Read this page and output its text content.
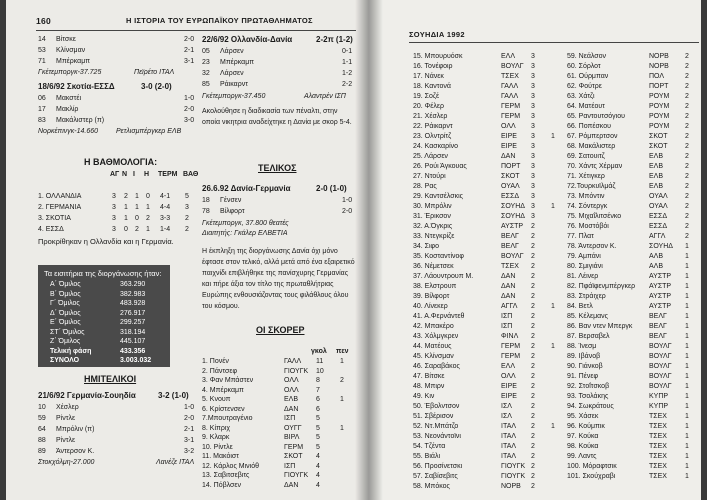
160	Η ΙΣΤΟΡΙΑ ΤΟΥ ΕΥΡΩΠΑΪΚΟΥ ΠΡΩΤΑΘΛΗΜΑΤΟΣ
14 Βίτσκε	2-0
53 Κλίνσμαν	2-1
71 Μπέρκαμπ	3-1
Γκέτεμποργκ-37.725	Πεϊρέτο ΙΤΑΛ
18/6/92 Σκοτία-ΕΣΣΔ	3-0 (2-0)
06 Μακστέι	1-0
17 Μακλίρ	2-0
83 Μακάλιστερ (π)	3-0
Νορκέπινγκ-14.660	Ρετλισμπέργκερ ΕΛΒ
22/6/92 Ολλανδία-Δανία	2-2π (1-2)
05 Λάρσεν	0-1
23 Μπέρκαμπ	1-1
32 Λάρσεν	1-2
85 Ράικαρντ	2-2
Γκέτεμποργκ-37.450	Αλαντρέν ΙΣΠ
Ακολούθησε η διαδικασία των πέναλτι, στην οποία νικητρια αναδείχτηκε η Δανία με σκορ 5-4.
Η ΒΑΘΜΟΛΟΓΙΑ:
ΑΓ Ν Ι Η ΤΕΡΜ ΒΑΘ
1. ΟΛΛΑΝΔΙΑ	3 2 1 0 4-1 5
2. ΓΕΡΜΑΝΙΑ	3 1 1 1 4-4 3
3. ΣΚΟΤΙΑ	3 1 0 2 3-3 2
4. ΕΣΣΔ	3 0 2 1 1-4 2
Προκρίθηκαν η Ολλανδία και η Γερμανία.
Τα εισιτήρια της διοργάνωσης ήταν:
Α΄ Όμιλος	363.290
Β΄ Όμιλος	382.983
Γ΄ Όμιλος	483.928
Δ΄ Όμιλος	276.917
Ε΄ Όμιλος	299.257
ΣΤ΄ Όμιλος	318.194
Ζ΄ Όμιλος	445.107
Τελική φάση	433.356
ΣΥΝΟΛΟ	3.003.032
ΗΜΙΤΕΛΙΚΟΙ
21/6/92 Γερμανία-Σουηδία	3-2 (1-0)
10 Χέσλερ	1-0
59 Ρίντλε	2-0
64 Μπρόλιν (π)	2-1
88 Ρίντλε	3-1
89 Άντερσον Κ.	3-2
Στοκχόλμη-27.000	Λανέζε ΙΤΑΛ
ΤΕΛΙΚΟΣ
26.6.92 Δανία-Γερμανία	2-0 (1-0)
18 Γένσεν	1-0
78 Βίλφορτ	2-0
Γκέτεμποργκ, 37.800 θεατές
Διαιτητής: Γκάλερ ΕΛΒΕΤΙΑ
Η έκπληξη της διοργάνωσης Δανία όχι μόνο έφτασε στον τελικό, αλλά μετά από ένα εξαιρετικό παιχνίδι επιβλήθηκε της πανίσχυρης Γερμανίας και πήρε άξια τον τίτλο της πρωταθλήτριας Ευρώπης ενθουσιάζοντας τους φιλάθλους όλου του κόσμου.
ΟΙ ΣΚΟΡΕΡ
γκολ πεν
1. Πονέν	ΓΑΛΛ 11 1
2. Πάντσεφ	ΓΙΟΥΓΚ 10
3. Φαν Μπάστεν	ΟΛΛ 8	2
4. Μπέρκαμπ	ΟΛΛ 7
5. Κνουπ	ΕΛΒ	6	1
6. Κρίστενσεν	ΔΑΝ	6
7.Μπουτραγένιο	ΙΣΠ	5
8. Κίπριχ	ΟΥΓΓ 5	1
9. Κλαρκ	ΒΙΡΛ 5
10. Ρίντλε	ΓΕΡΜ 5
11. Μακόιστ	ΣΚΟΤ 4
12. Κάρλος Μινιόθ	ΙΣΠ	4
13. Σαβιτσεβιτς	ΓΙΟΥΓΚ 4
14. Πόβλσεν	ΔΑΝ	4
ΣΟΥΗΔΙΑ 1992
15. Μπουρυόσκ	ΕΛΛ 3
16. Τονέφοιρ	ΒΟΥΛΓ 3
17. Νάνεκ	ΤΣΕΧ 3
18. Καντονά	ΓΑΛΛ 3
19. Σοζέ	ΓΑΛΛ 3
20. Φέλερ	ΓΕΡΜ 3
21. Χέσλερ	ΓΕΡΜ 3
22. Ράικαρντ	ΟΛΛ 3
23. Ολντρίτζ	ΕΙΡΕ 3 1
24. Κασκαρίνο	ΕΙΡΕ 3
25. Λάρσεν	ΔΑΝ 3
26. Ρούι Άγκουας	ΠΟΡΤ 3
27. Ντούρι	ΣΚΟΤ 3
28. Ρας	ΟΥΑΛ 3
29. Καντσέλσκις	ΕΣΣΔ 3
30. Μπρόλιν	ΣΟΥΗΔ 3 1
31. Έρικσον	ΣΟΥΗΔ 3
32. Α.Όγκρις	ΑΥΣΤΡ 2
33. Ντεγκρίζε	ΒΕΛΓ 2
34. Σιφο	ΒΕΛΓ 2
35. Κοσταντίνοφ	ΒΟΥΛΓ 2
36. Νέμετσεκ	ΤΣΕΧ 2
37. Λάουντρουπ Μ.	ΔΑΝ 2
38. Ελστρουπ	ΔΑΝ 2
39. Βίλφορτ	ΔΑΝ 2
40. Λίνεκερ	ΑΓΓΛ 2 1
41. Α.Φερνάντεθ	ΙΣΠ	2
42. Μπακέρο	ΙΣΠ	2
43. Χόλμγκρεν	ΦΙΝΛ 2
44. Ματέους	ΓΕΡΜ 2 1
45. Κλίνσμαν	ΓΕΡΜ 2
46. Σαραβάκος	ΕΛΛ 2
47. Βίτσκε	ΟΛΛ 2
48. Μπιρν	ΕΙΡΕ 2
49. Κιν	ΕΙΡΕ 2
50. Έβολντσον	ΙΣΛ	2
51. Σβέρισον	ΙΣΛ	2
52. Ντ.Μπάτζο	ΙΤΑΛ 2 1
53. Νεονάντοϊνι	ΙΤΑΛ 2
54. Τζέντα	ΙΤΑΛ 2
55. Βιάλι	ΙΤΑΛ 2
56. Προσίνετσκι	ΓΙΟΥΓΚ 2
57. Σαβίσεβιτς	ΓΙΟΥΓΚ 2
58. Μπόκος	ΝΟΡΒ 2
59. Νεάλσον	ΝΟΡΒ 2
60. Σόρλοτ	ΝΟΡΒ 2
61. Ούρμπαν	ΠΟΛ	2
62. Φούτρε	ΠΟΡΤ 2
63. Χάτζι	ΡΟΥΜ 2
64. Ματέουτ	ΡΟΥΜ 2
65. Ραντουτσόγιου	ΡΟΥΜ 2
66. Ποπέσκου	ΡΟΥΜ 2
67. Ρόμπερτσον	ΣΚΟΤ 2
68. Μακάλιστερ	ΣΚΟΤ 2
69. Σατουιτζ	ΕΛΒ	2
70. Χάντς Χέρμαν	ΕΛΒ	2
71. Χέτιγκερ	ΕΛΒ	2
72.Τουρκυϊλμάζ	ΕΛΒ	2
73. Μπόντιν	ΟΥΑΛ 2
74. Σόντεργκ	ΟΥΑΛ 2
75. Μιχαΐλιτσένκο	ΕΣΣΔ	2
76. Μοστόβόι	ΕΣΣΔ	2
77. Πλατ	ΑΓΓΛ	2
78. Άντερσον Κ.	ΣΟΥΗΔ 1
79. Αμπάνι	ΑΛΒ	1
80. Σμιγιάνι	ΑΛΒ	1
81. Λέινερ	ΑΥΣΤΡ 1
82. Πφάϊφενμπέργκερ ΑΥΣΤΡ 1
83. Στράιχερ	ΑΥΣΤΡ 1
84. Βετλ	ΑΥΣΤΡ 1
85. Κέλεμανς	ΒΕΛΓ	1
86. Βαν ντεν Μπεργκ ΒΕΛΓ	1
87. Βερσαβελ	ΒΕΛΓ	1
88. Ίνεσμ	ΒΟΥΛΓ 1
89. Ιβάνοβ	ΒΟΥΛΓ 1
90. Γιάνκοβ	ΒΟΥΛΓ 1
91. Πένεφ	ΒΟΥΛΓ 1
92. Στοΐτσκοβ	ΒΟΥΛΓ 1
93. Τσολάκης	ΚΥΠΡ 1
94. Σωκράτους	ΚΥΠΡ 1
95. Χάσεκ	ΤΣΕΧ	1
96. Κούμπικ	ΤΣΕΧ	1
97. Κούκα	ΤΣΕΧ	1
98. Κούκα	ΤΣΕΧ	1
99. Λαντς	ΤΣΕΧ	1
100. Μόραφτσικ	ΤΣΕΧ	1
101. Σκούχραβι	ΤΣΕΧ	1
